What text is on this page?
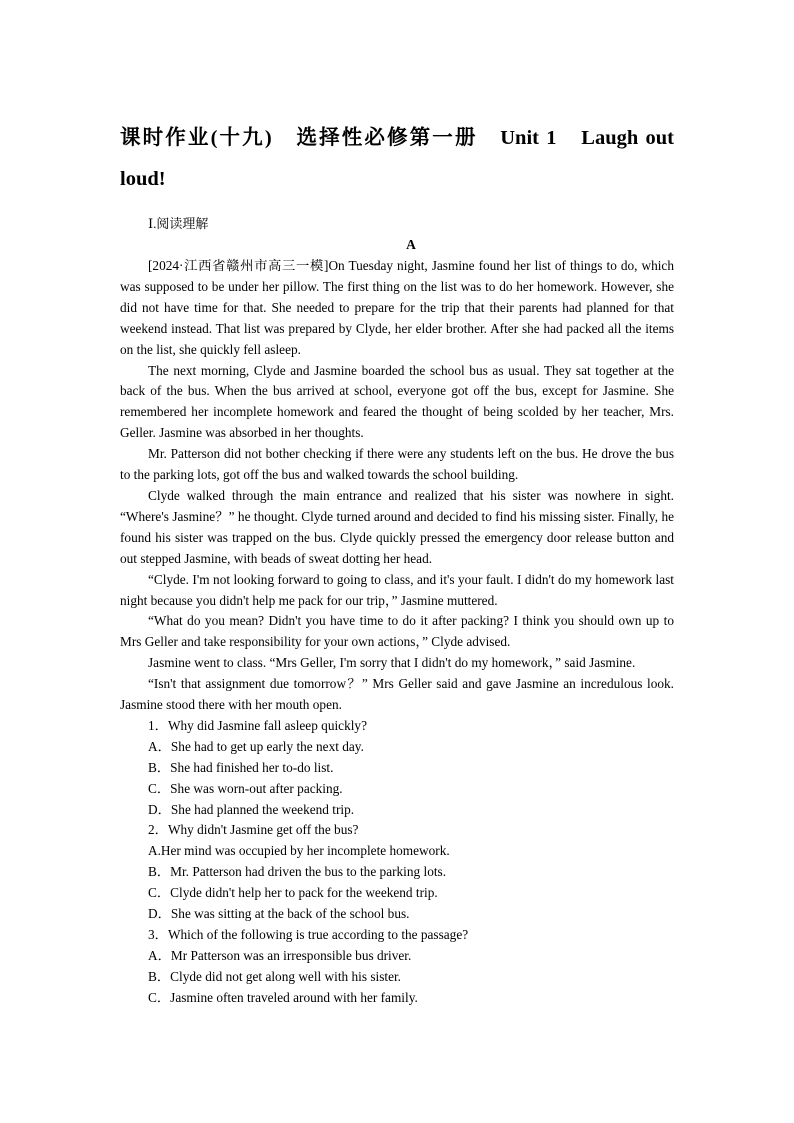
课时作业(十九)　选择性必修第一册　Unit 1　Laugh out loud!
Ⅰ.阅读理解
A

[2024·江西省赣州市高三一模]On Tuesday night, Jasmine found her list of things to do, which was supposed to be under her pillow. The first thing on the list was to do her homework. However, she did not have time for that. She needed to prepare for the trip that their parents had planned for that weekend instead. That list was prepared by Clyde, her elder brother. After she had packed all the items on the list, she quickly fell asleep.

The next morning, Clyde and Jasmine boarded the school bus as usual. They sat together at the back of the bus. When the bus arrived at school, everyone got off the bus, except for Jasmine. She remembered her incomplete homework and feared the thought of being scolded by her teacher, Mrs. Geller. Jasmine was absorbed in her thoughts.

Mr. Patterson did not bother checking if there were any students left on the bus. He drove the bus to the parking lots, got off the bus and walked towards the school building.

Clyde walked through the main entrance and realized that his sister was nowhere in sight. “Where's Jasmine？” he thought. Clyde turned around and decided to find his missing sister. Finally, he found his sister was trapped on the bus. Clyde quickly pressed the emergency door release button and out stepped Jasmine, with beads of sweat dotting her head.

“Clyde. I'm not looking forward to going to class, and it's your fault. I didn't do my homework last night because you didn't help me pack for our trip，” Jasmine muttered.

“What do you mean? Didn't you have time to do it after packing? I think you should own up to Mrs Geller and take responsibility for your own actions，” Clyde advised.

Jasmine went to class. “Mrs Geller, I'm sorry that I didn't do my homework，” said Jasmine.

“Isn't that assignment due tomorrow？” Mrs Geller said and gave Jasmine an incredulous look. Jasmine stood there with her mouth open.

1．Why did Jasmine fall asleep quickly?
A．She had to get up early the next day.
B．She had finished her to-do list.
C．She was worn-out after packing.
D．She had planned the weekend trip.
2．Why didn't Jasmine get off the bus?
A.Her mind was occupied by her incomplete homework.
B．Mr. Patterson had driven the bus to the parking lots.
C．Clyde didn't help her to pack for the weekend trip.
D．She was sitting at the back of the school bus.
3．Which of the following is true according to the passage?
A．Mr Patterson was an irresponsible bus driver.
B．Clyde did not get along well with his sister.
C．Jasmine often traveled around with her family.
